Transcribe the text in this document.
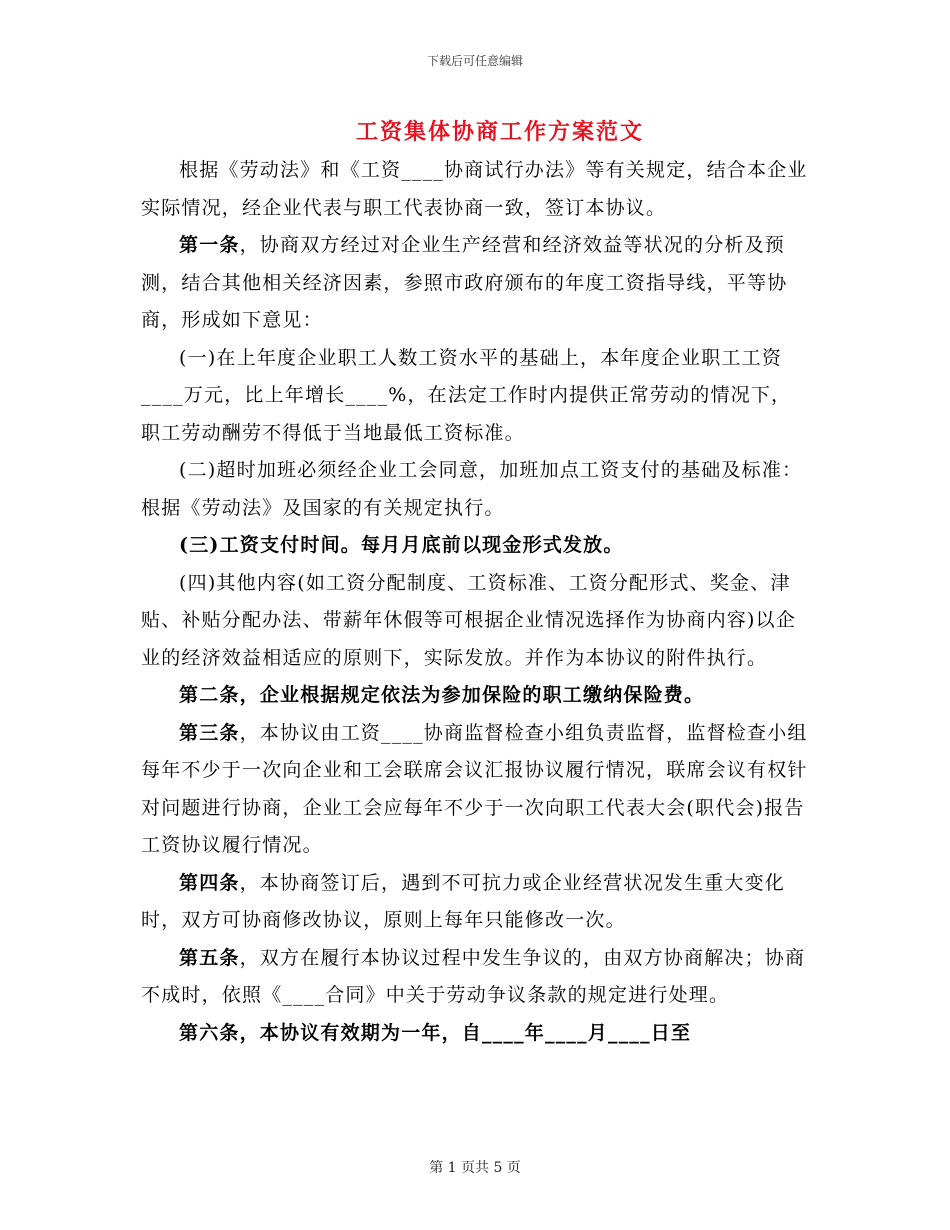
下载后可任意编辑
工资集体协商工作方案范文

根据《劳动法》和《工资____协商试行办法》等有关规定，结合本企业实际情况，经企业代表与职工代表协商一致，签订本协议。

第一条，协商双方经过对企业生产经营和经济效益等状况的分析及预测，结合其他相关经济因素，参照市政府颁布的年度工资指导线，平等协商，形成如下意见：

(一)在上年度企业职工人数工资水平的基础上，本年度企业职工工资____万元，比上年增长____%，在法定工作时内提供正常劳动的情况下，职工劳动酬劳不得低于当地最低工资标准。

(二)超时加班必须经企业工会同意，加班加点工资支付的基础及标准：根据《劳动法》及国家的有关规定执行。

(三)工资支付时间。每月月底前以现金形式发放。

(四)其他内容(如工资分配制度、工资标准、工资分配形式、奖金、津贴、补贴分配办法、带薪年休假等可根据企业情况选择作为协商内容)以企业的经济效益相适应的原则下，实际发放。并作为本协议的附件执行。

第二条，企业根据规定依法为参加保险的职工缴纳保险费。

第三条，本协议由工资____协商监督检查小组负责监督，监督检查小组每年不少于一次向企业和工会联席会议汇报协议履行情况，联席会议有权针对问题进行协商，企业工会应每年不少于一次向职工代表大会(职代会)报告工资协议履行情况。

第四条，本协商签订后，遇到不可抗力或企业经营状况发生重大变化时，双方可协商修改协议，原则上每年只能修改一次。

第五条，双方在履行本协议过程中发生争议的，由双方协商解决；协商不成时，依照《____合同》中关于劳动争议条款的规定进行处理。

第六条，本协议有效期为一年，自____年____月____日至

第 1 页共 5 页
